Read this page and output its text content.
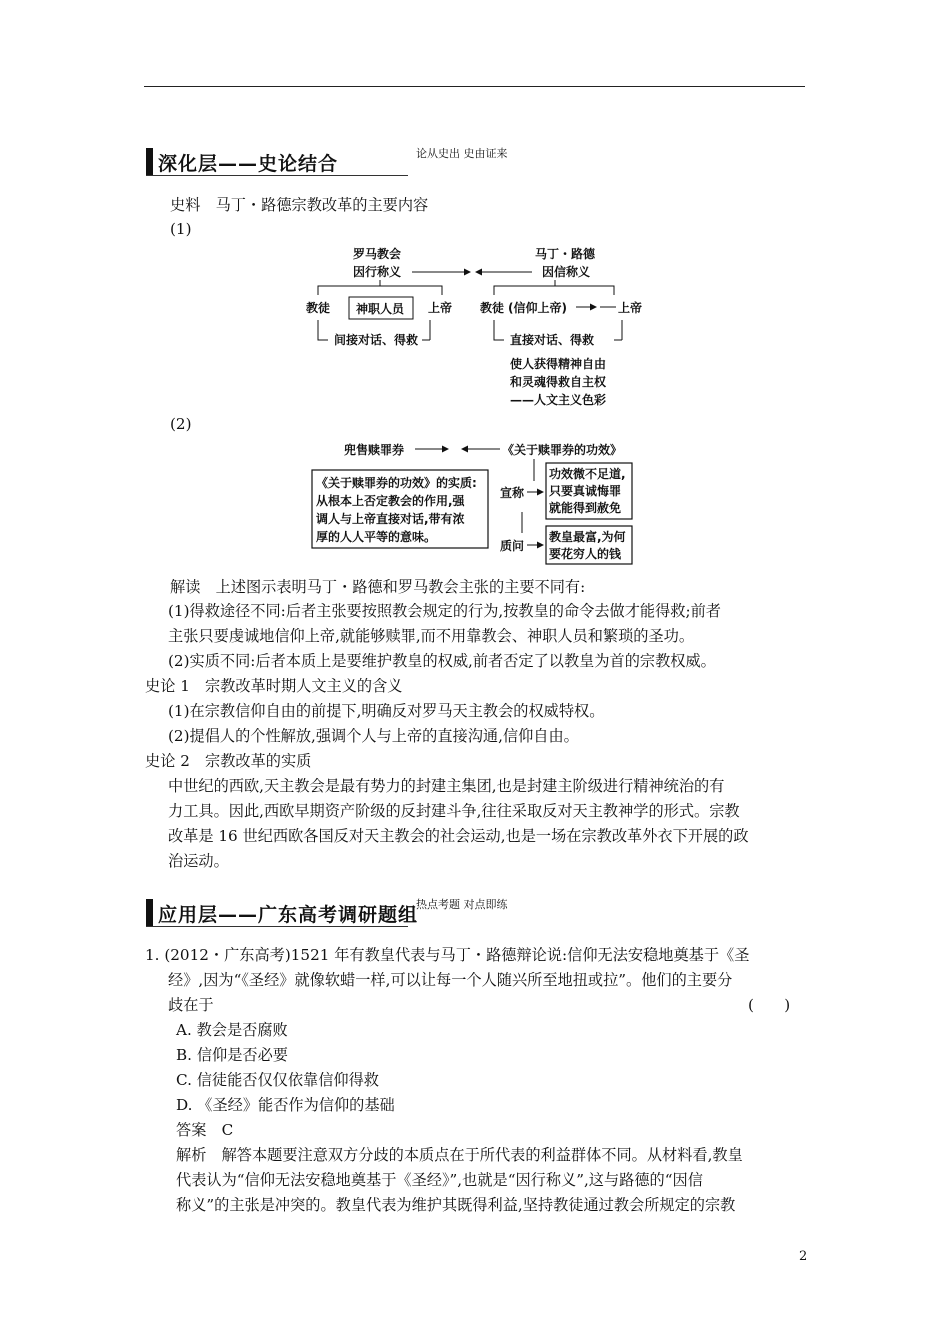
深化层——史论结合	论从史出 史由证来
史料　马丁・路德宗教改革的主要内容
(1)
罗马教会
因行称义
马丁・路德
因信称义
教徒 神职人员 上帝
间接对话、得救
教徒 (信仰上帝)	上帝
直接对话、得救
使人获得精神自由
和灵魂得救自主权
——人文主义色彩
(2)
兜售赎罪券	《关于赎罪券的功效》
《关于赎罪券的功效》的实质:
从根本上否定教会的作用,强
调人与上帝直接对话,带有浓
厚的人人平等的意味。
宣称
功效微不足道,
只要真诚悔罪
就能得到赦免
质问
教皇最富,为何
要花穷人的钱
解读　上述图示表明马丁・路德和罗马教会主张的主要不同有:
(1)得救途径不同:后者主张要按照教会规定的行为,按教皇的命令去做才能得救;前者
主张只要虔诚地信仰上帝,就能够赎罪,而不用靠教会、神职人员和繁琐的圣功。
(2)实质不同:后者本质上是要维护教皇的权威,前者否定了以教皇为首的宗教权威。
史论 1　宗教改革时期人文主义的含义
(1)在宗教信仰自由的前提下,明确反对罗马天主教会的权威特权。
(2)提倡人的个性解放,强调个人与上帝的直接沟通,信仰自由。
史论 2　宗教改革的实质
中世纪的西欧,天主教会是最有势力的封建主集团,也是封建主阶级进行精神统治的有
力工具。因此,西欧早期资产阶级的反封建斗争,往往采取反对天主教神学的形式。宗教
改革是 16 世纪西欧各国反对天主教会的社会运动,也是一场在宗教改革外衣下开展的政
治运动。
应用层——广东高考调研题组
热点考题 对点即练
1. (2012・广东高考)1521 年有教皇代表与马丁・路德辩论说:信仰无法安稳地奠基于《圣
经》,因为“《圣经》就像软蜡一样,可以让每一个人随兴所至地扭或拉”。他们的主要分
歧在于	(　　)
A. 教会是否腐败
B. 信仰是否必要
C. 信徒能否仅仅依靠信仰得救
D. 《圣经》能否作为信仰的基础
答案　C
解析　解答本题要注意双方分歧的本质点在于所代表的利益群体不同。从材料看,教皇
代表认为“信仰无法安稳地奠基于《圣经》”,也就是“因行称义”,这与路德的“因信
称义”的主张是冲突的。教皇代表为维护其既得利益,坚持教徒通过教会所规定的宗教
2
